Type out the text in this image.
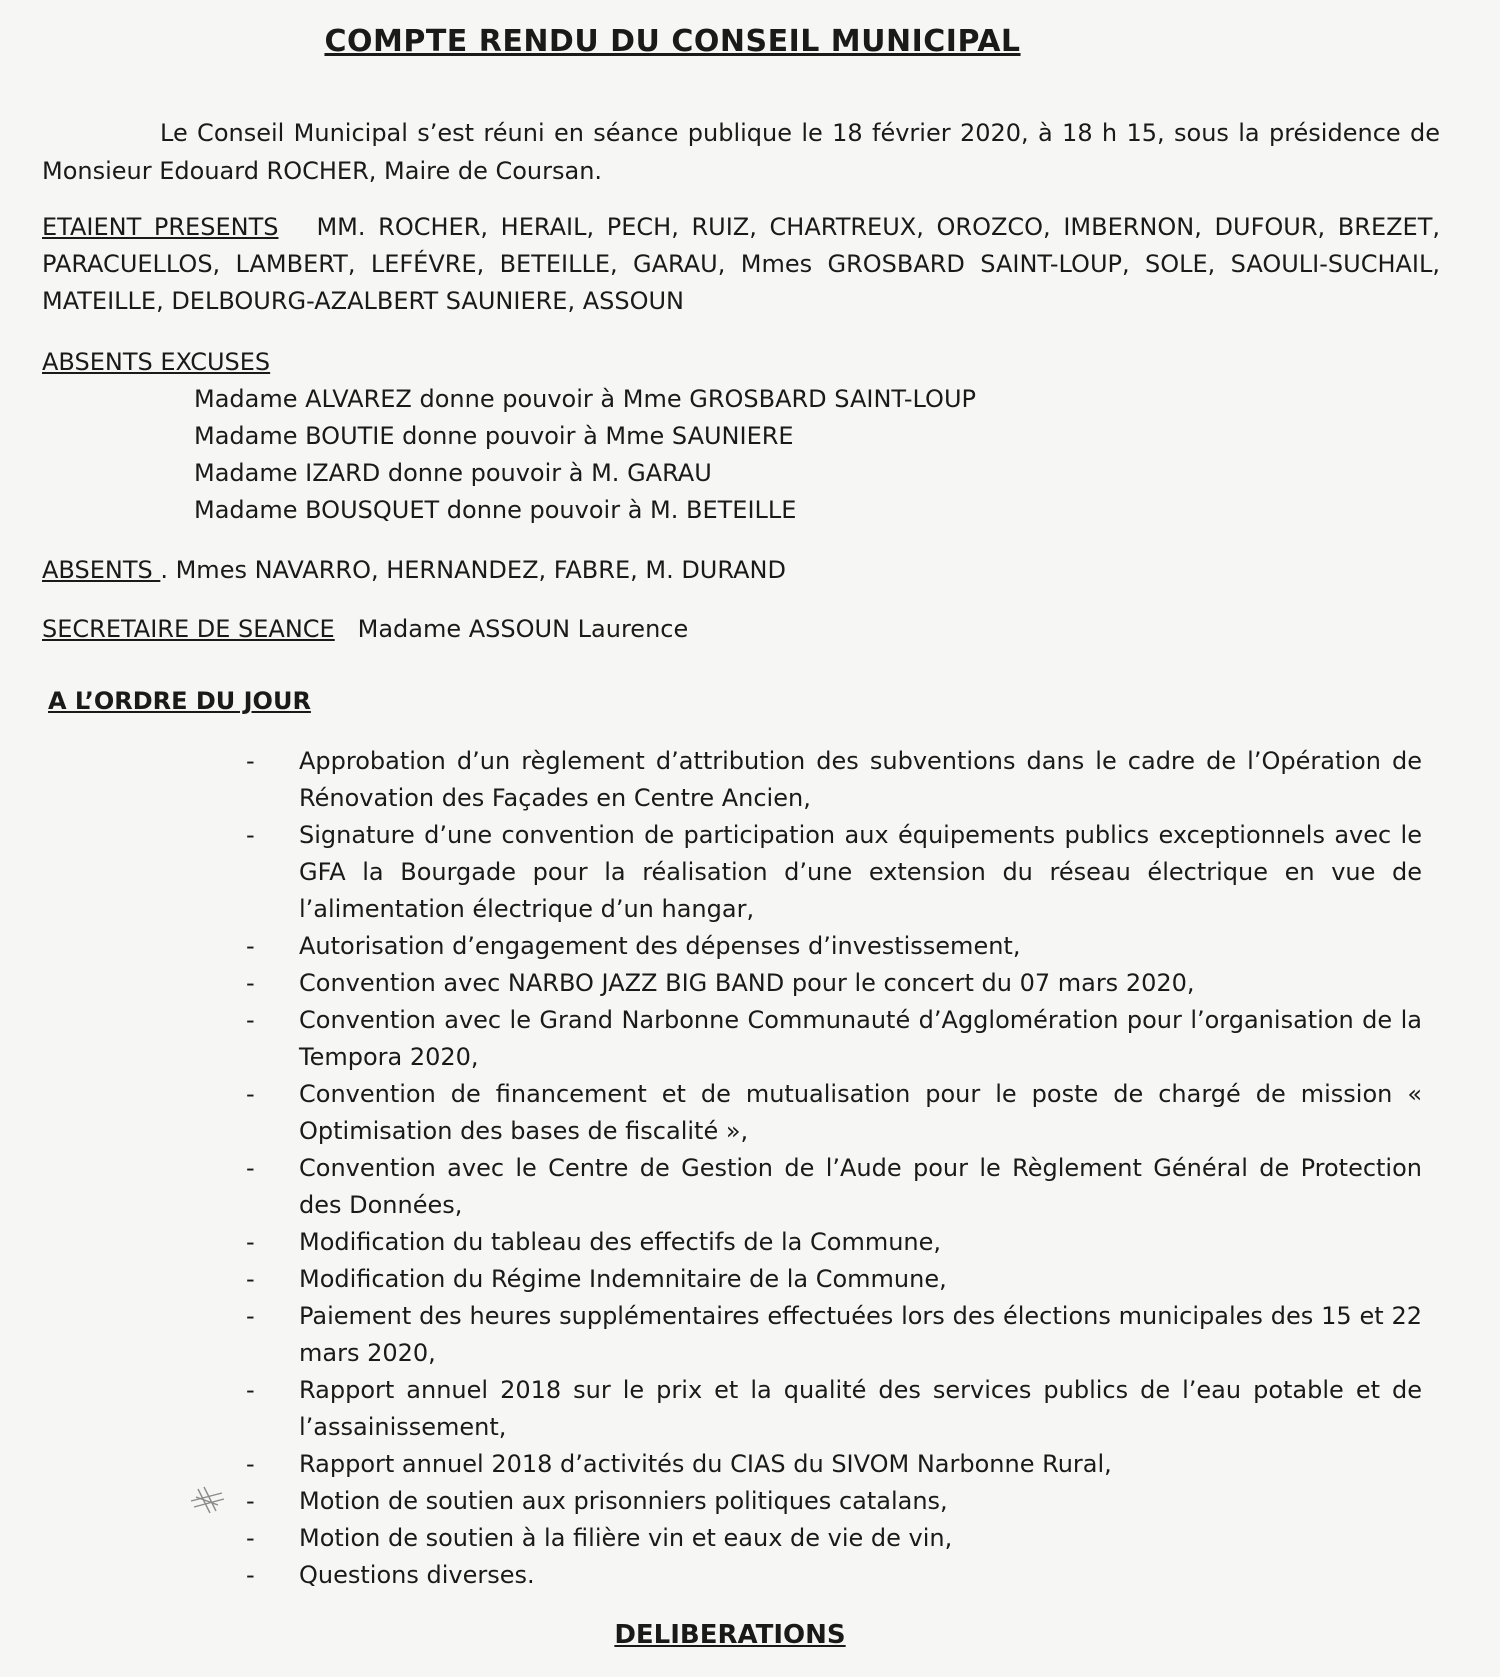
COMPTE RENDU DU CONSEIL MUNICIPAL
Le Conseil Municipal s’est réuni en séance publique le 18 février 2020, à 18 h 15, sous la présidence de Monsieur Edouard ROCHER, Maire de Coursan.
ETAIENT PRESENTS MM. ROCHER, HERAIL, PECH, RUIZ, CHARTREUX, OROZCO, IMBERNON, DUFOUR, BREZET, PARACUELLOS, LAMBERT, LEFÉVRE, BETEILLE, GARAU, Mmes GROSBARD SAINT-LOUP, SOLE, SAOULI-SUCHAIL, MATEILLE, DELBOURG-AZALBERT SAUNIERE, ASSOUN
ABSENTS EXCUSES
Madame ALVAREZ donne pouvoir à Mme GROSBARD SAINT-LOUP
Madame BOUTIE donne pouvoir à Mme SAUNIERE
Madame IZARD donne pouvoir à M. GARAU
Madame BOUSQUET donne pouvoir à M. BETEILLE
ABSENTS . Mmes NAVARRO, HERNANDEZ, FABRE, M. DURAND
SECRETAIRE DE SEANCE Madame ASSOUN Laurence
A L’ORDRE DU JOUR
- Approbation d’un règlement d’attribution des subventions dans le cadre de l’Opération de Rénovation des Façades en Centre Ancien,
- Signature d’une convention de participation aux équipements publics exceptionnels avec le GFA la Bourgade pour la réalisation d’une extension du réseau électrique en vue de l’alimentation électrique d’un hangar,
- Autorisation d’engagement des dépenses d’investissement,
- Convention avec NARBO JAZZ BIG BAND pour le concert du 07 mars 2020,
- Convention avec le Grand Narbonne Communauté d’Agglomération pour l’organisation de la Tempora 2020,
- Convention de financement et de mutualisation pour le poste de chargé de mission « Optimisation des bases de fiscalité »,
- Convention avec le Centre de Gestion de l’Aude pour le Règlement Général de Protection des Données,
- Modification du tableau des effectifs de la Commune,
- Modification du Régime Indemnitaire de la Commune,
- Paiement des heures supplémentaires effectuées lors des élections municipales des 15 et 22 mars 2020,
- Rapport annuel 2018 sur le prix et la qualité des services publics de l’eau potable et de l’assainissement,
- Rapport annuel 2018 d’activités du CIAS du SIVOM Narbonne Rural,
- Motion de soutien aux prisonniers politiques catalans,
- Motion de soutien à la filière vin et eaux de vie de vin,
- Questions diverses.
DELIBERATIONS
